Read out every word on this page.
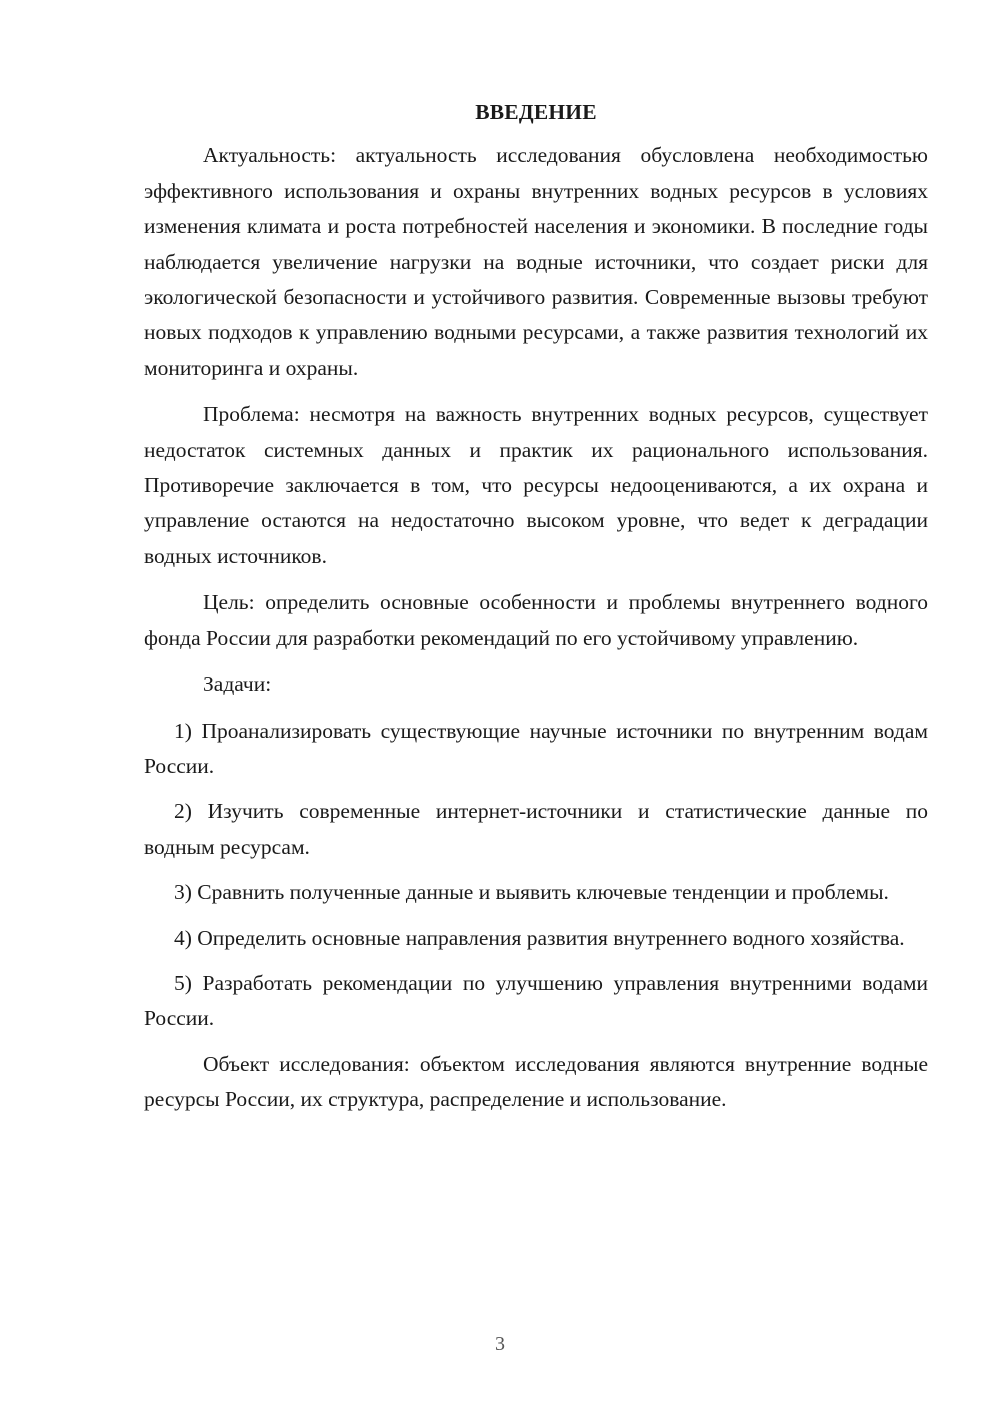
ВВЕДЕНИЕ

Актуальность: актуальность исследования обусловлена необходимостью эффективного использования и охраны внутренних водных ресурсов в условиях изменения климата и роста потребностей населения и экономики. В последние годы наблюдается увеличение нагрузки на водные источники, что создает риски для экологической безопасности и устойчивого развития. Современные вызовы требуют новых подходов к управлению водными ресурсами, а также развития технологий их мониторинга и охраны.

Проблема: несмотря на важность внутренних водных ресурсов, существует недостаток системных данных и практик их рационального использования. Противоречие заключается в том, что ресурсы недооцениваются, а их охрана и управление остаются на недостаточно высоком уровне, что ведет к деградации водных источников.

Цель: определить основные особенности и проблемы внутреннего водного фонда России для разработки рекомендаций по его устойчивому управлению.

Задачи:

1) Проанализировать существующие научные источники по внутренним водам России.

2) Изучить современные интернет-источники и статистические данные по водным ресурсам.

3) Сравнить полученные данные и выявить ключевые тенденции и проблемы.

4) Определить основные направления развития внутреннего водного хозяйства.

5) Разработать рекомендации по улучшению управления внутренними водами России.

Объект исследования: объектом исследования являются внутренние водные ресурсы России, их структура, распределение и использование.

3
